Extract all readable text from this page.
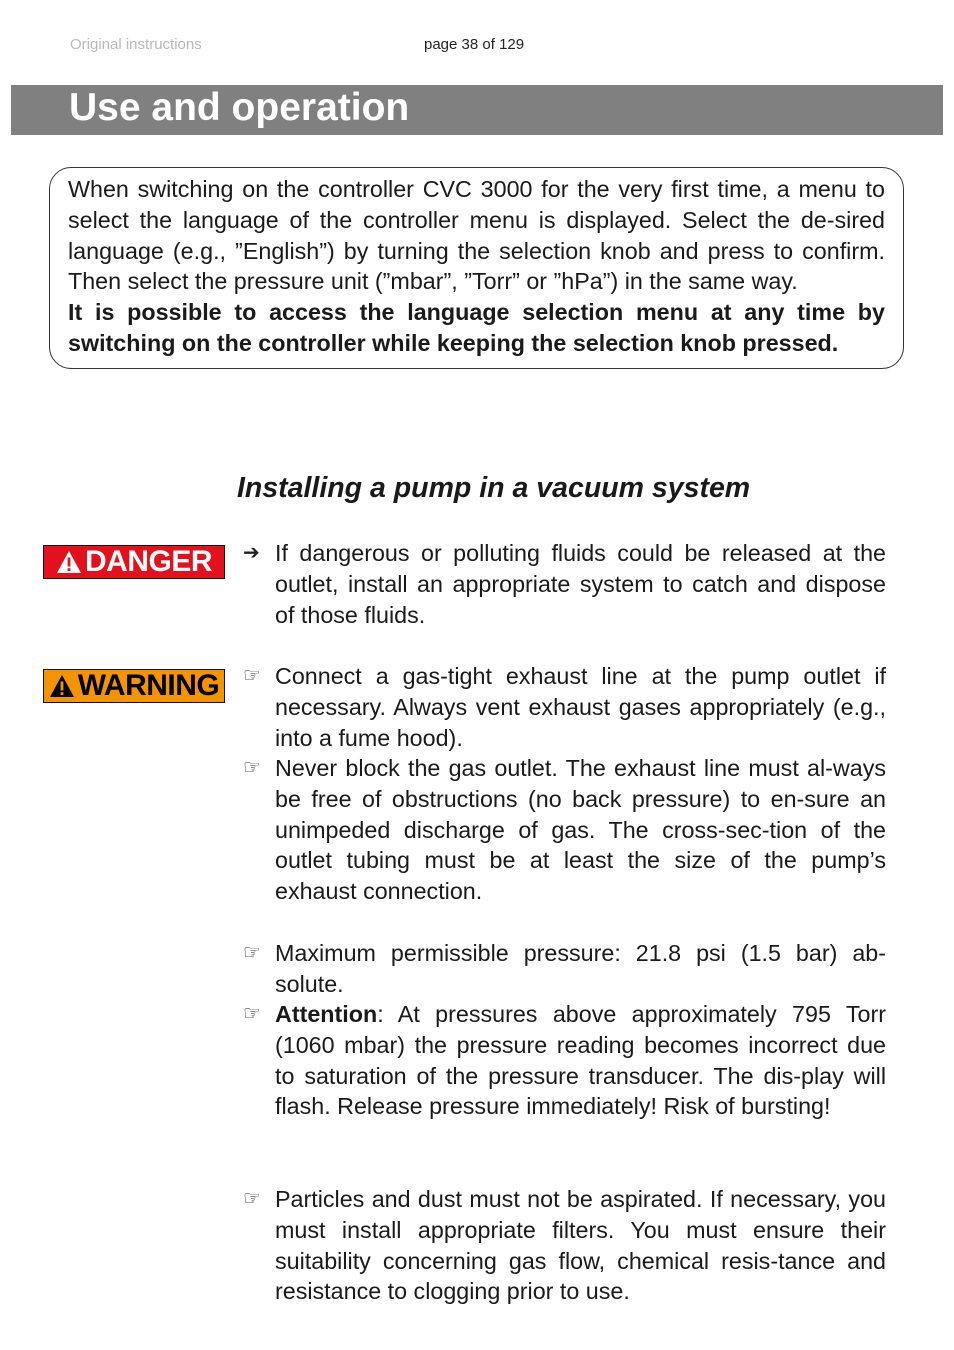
Original instructions	page 38 of 129
Use and operation

When switching on the controller CVC 3000 for the very first time, a menu to select the language of the controller menu is displayed. Select the de-sired language (e.g., ”English”) by turning the selection knob and press to confirm. Then select the pressure unit (”mbar”, ”Torr” or ”hPa”) in the same way.

It is possible to access the language selection menu at any time by switching on the controller while keeping the selection knob pressed.

Installing a pump in a vacuum system
DANGER
WARNING
➔ If dangerous or polluting fluids could be released at the outlet, install an appropriate system to catch and dispose of those fluids.
☞ Connect a gas-tight exhaust line at the pump outlet if necessary. Always vent exhaust gases appropriately (e.g., into a fume hood).
☞ Never block the gas outlet. The exhaust line must al-ways be free of obstructions (no back pressure) to en-sure an unimpeded discharge of gas. The cross-sec-tion of the outlet tubing must be at least the size of the pump’s exhaust connection.
☞ Maximum permissible pressure: 21.8 psi (1.5 bar) ab-solute.
☞ Attention: At pressures above approximately 795 Torr (1060 mbar) the pressure reading becomes incorrect due to saturation of the pressure transducer. The dis-play will flash. Release pressure immediately! Risk of bursting!
☞ Particles and dust must not be aspirated. If necessary, you must install appropriate filters. You must ensure their suitability concerning gas flow, chemical resis-tance and resistance to clogging prior to use.
